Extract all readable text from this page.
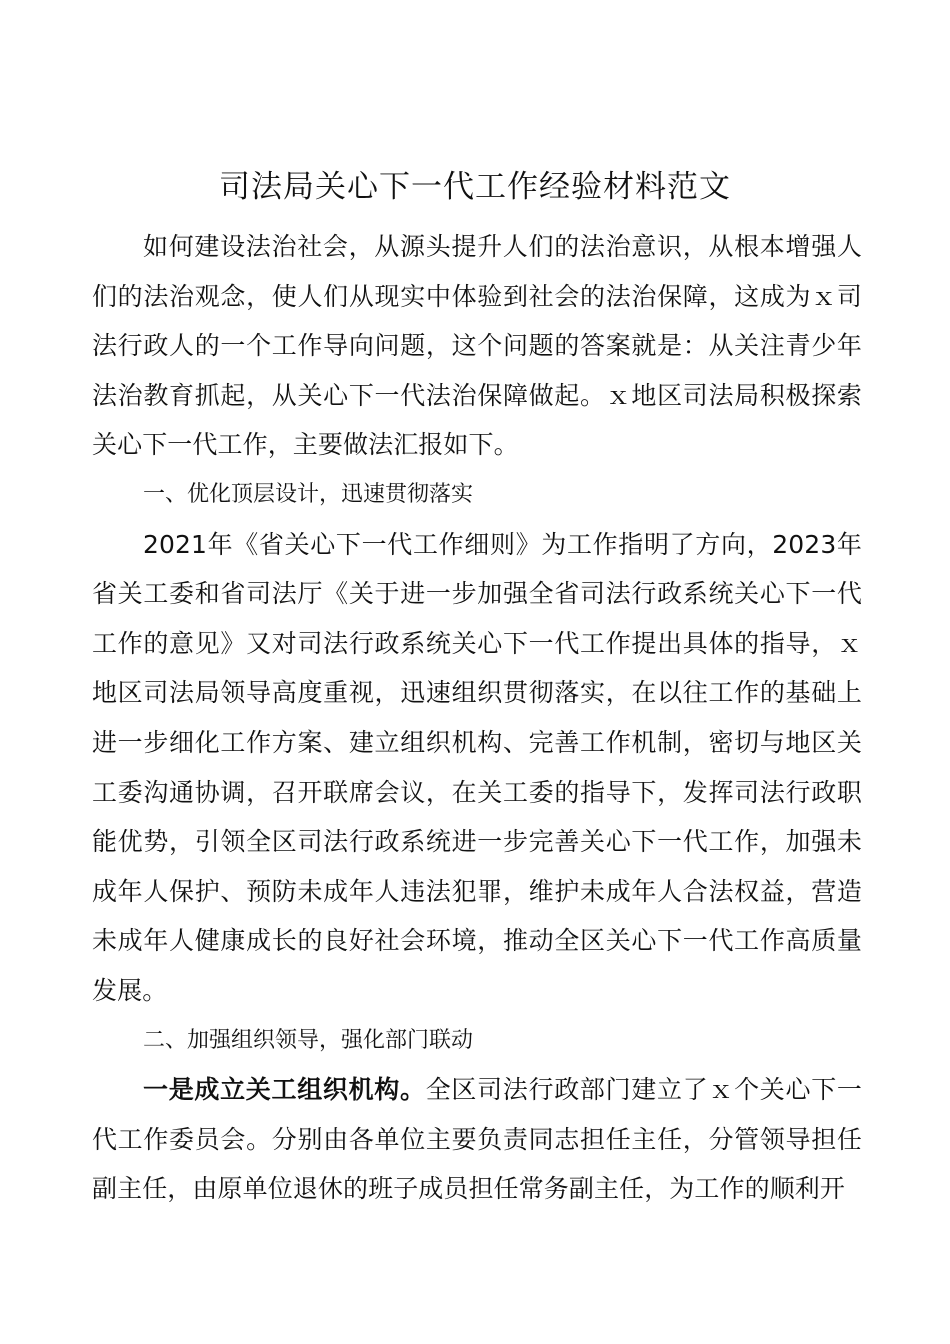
司法局关心下一代工作经验材料范文

如何建设法治社会，从源头提升人们的法治意识，从根本增强人们的法治观念，使人们从现实中体验到社会的法治保障，这成为ｘ司法行政人的一个工作导向问题，这个问题的答案就是：从关注青少年法治教育抓起，从关心下一代法治保障做起。ｘ地区司法局积极探索关心下一代工作，主要做法汇报如下。

一、优化顶层设计，迅速贯彻落实

2021年《省关心下一代工作细则》为工作指明了方向，2023年省关工委和省司法厅《关于进一步加强全省司法行政系统关心下一代工作的意见》又对司法行政系统关心下一代工作提出具体的指导，ｘ地区司法局领导高度重视，迅速组织贯彻落实，在以往工作的基础上进一步细化工作方案、建立组织机构、完善工作机制，密切与地区关工委沟通协调，召开联席会议，在关工委的指导下，发挥司法行政职能优势，引领全区司法行政系统进一步完善关心下一代工作，加强未成年人保护、预防未成年人违法犯罪，维护未成年人合法权益，营造未成年人健康成长的良好社会环境，推动全区关心下一代工作高质量发展。

二、加强组织领导，强化部门联动

一是成立关工组织机构。全区司法行政部门建立了ｘ个关心下一代工作委员会。分别由各单位主要负责同志担任主任，分管领导担任副主任，由原单位退休的班子成员担任常务副主任，为工作的顺利开
